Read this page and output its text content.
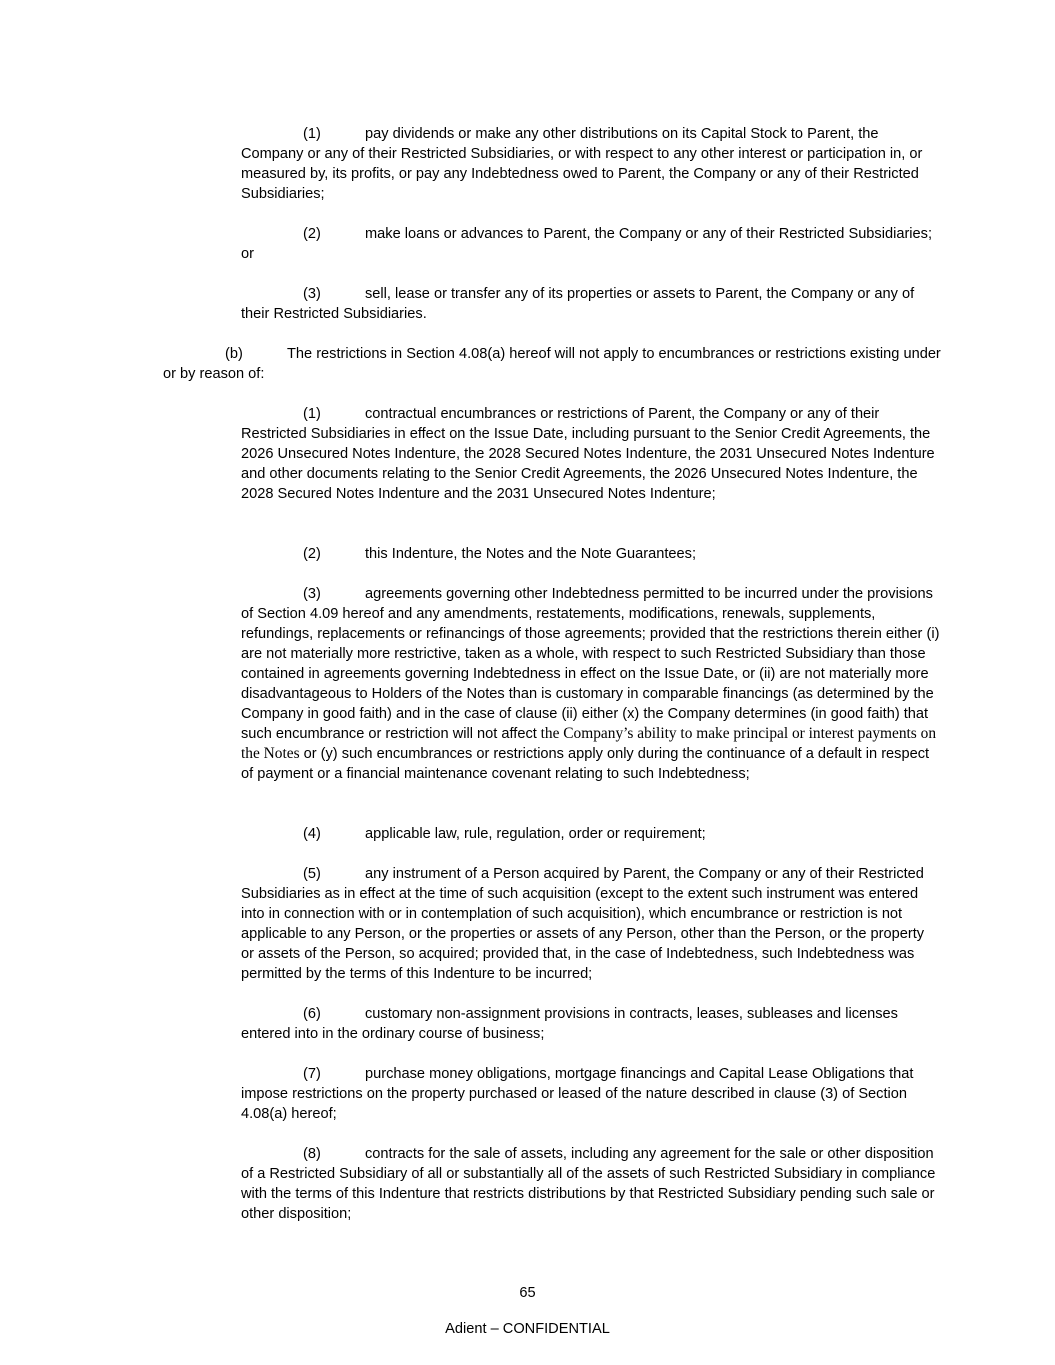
(1)	pay dividends or make any other distributions on its Capital Stock to Parent, the Company or any of their Restricted Subsidiaries, or with respect to any other interest or participation in, or measured by, its profits, or pay any Indebtedness owed to Parent, the Company or any of their Restricted Subsidiaries;

(2)	make loans or advances to Parent, the Company or any of their Restricted Subsidiaries; or

(3)	sell, lease or transfer any of its properties or assets to Parent, the Company or any of their Restricted Subsidiaries.

(b)	The restrictions in Section 4.08(a) hereof will not apply to encumbrances or restrictions existing under or by reason of:

(1)	contractual encumbrances or restrictions of Parent, the Company or any of their Restricted Subsidiaries in effect on the Issue Date, including pursuant to the Senior Credit Agreements, the 2026 Unsecured Notes Indenture, the 2028 Secured Notes Indenture, the 2031 Unsecured Notes Indenture and other documents relating to the Senior Credit Agreements, the 2026 Unsecured Notes Indenture, the 2028 Secured Notes Indenture and the 2031 Unsecured Notes Indenture;

(2)	this Indenture, the Notes and the Note Guarantees;

(3)	agreements governing other Indebtedness permitted to be incurred under the provisions of Section 4.09 hereof and any amendments, restatements, modifications, renewals, supplements, refundings, replacements or refinancings of those agreements; provided that the restrictions therein either (i) are not materially more restrictive, taken as a whole, with respect to such Restricted Subsidiary than those contained in agreements governing Indebtedness in effect on the Issue Date, or (ii) are not materially more disadvantageous to Holders of the Notes than is customary in comparable financings (as determined by the Company in good faith) and in the case of clause (ii) either (x) the Company determines (in good faith) that such encumbrance or restriction will not affect the Company’s ability to make principal or interest payments on the Notes or (y) such encumbrances or restrictions apply only during the continuance of a default in respect of payment or a financial maintenance covenant relating to such Indebtedness;

(4)	applicable law, rule, regulation, order or requirement;

(5)	any instrument of a Person acquired by Parent, the Company or any of their Restricted Subsidiaries as in effect at the time of such acquisition (except to the extent such instrument was entered into in connection with or in contemplation of such acquisition), which encumbrance or restriction is not applicable to any Person, or the properties or assets of any Person, other than the Person, or the property or assets of the Person, so acquired; provided that, in the case of Indebtedness, such Indebtedness was permitted by the terms of this Indenture to be incurred;

(6)	customary non-assignment provisions in contracts, leases, subleases and licenses entered into in the ordinary course of business;

(7)	purchase money obligations, mortgage financings and Capital Lease Obligations that impose restrictions on the property purchased or leased of the nature described in clause (3) of Section 4.08(a) hereof;

(8)	contracts for the sale of assets, including any agreement for the sale or other disposition of a Restricted Subsidiary of all or substantially all of the assets of such Restricted Subsidiary in compliance with the terms of this Indenture that restricts distributions by that Restricted Subsidiary pending such sale or other disposition;

65
Adient – CONFIDENTIAL
